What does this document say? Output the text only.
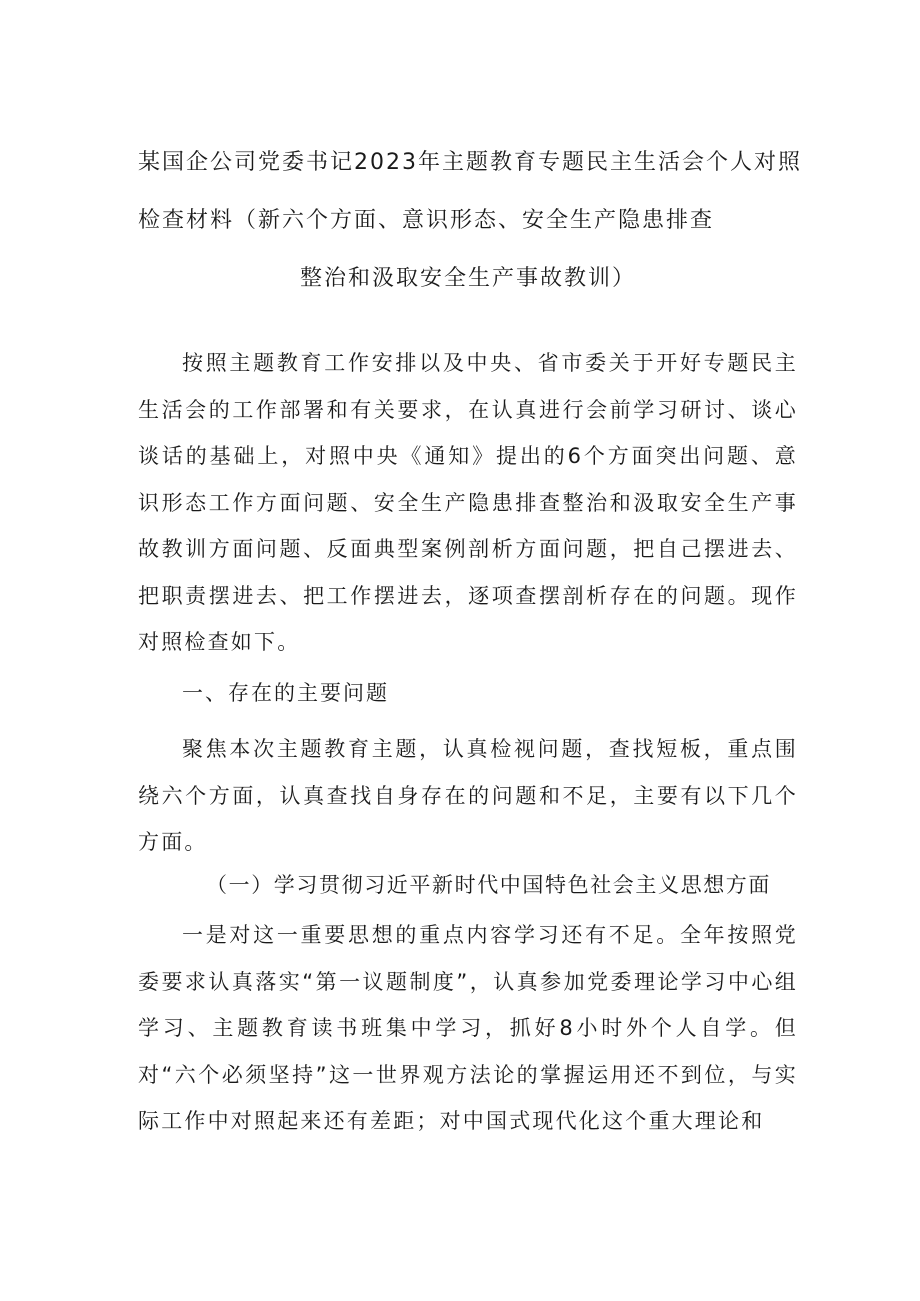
某国企公司党委书记2023年主题教育专题民主生活会个人对照
检查材料（新六个方面、意识形态、安全生产隐患排查
整治和汲取安全生产事故教训）
按照主题教育工作安排以及中央、省市委关于开好专题民主生活会的工作部署和有关要求，在认真进行会前学习研讨、谈心谈话的基础上，对照中央《通知》提出的6个方面突出问题、意识形态工作方面问题、安全生产隐患排查整治和汲取安全生产事故教训方面问题、反面典型案例剖析方面问题，把自己摆进去、把职责摆进去、把工作摆进去，逐项查摆剖析存在的问题。现作对照检查如下。
一、存在的主要问题
聚焦本次主题教育主题，认真检视问题，查找短板，重点围绕六个方面，认真查找自身存在的问题和不足，主要有以下几个方面。
（一）学习贯彻习近平新时代中国特色社会主义思想方面
一是对这一重要思想的重点内容学习还有不足。全年按照党委要求认真落实“第一议题制度”，认真参加党委理论学习中心组学习、主题教育读书班集中学习，抓好8小时外个人自学。但对“六个必须坚持”这一世界观方法论的掌握运用还不到位，与实际工作中对照起来还有差距；对中国式现代化这个重大理论和
